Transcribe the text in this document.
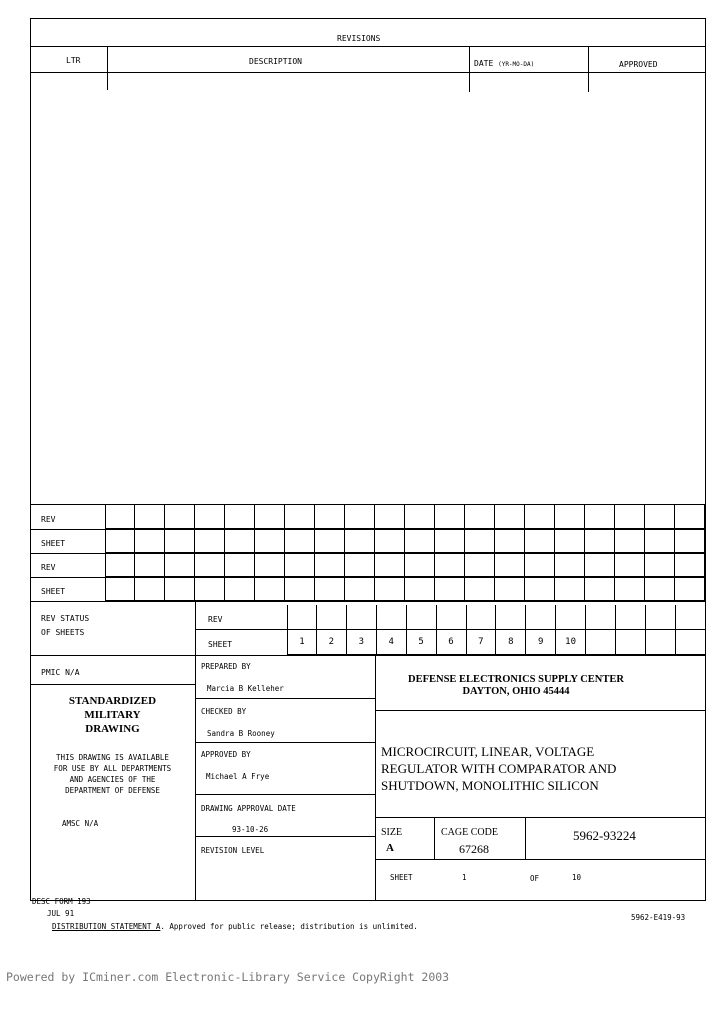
REVISIONS
LTR	DESCRIPTION	DATE (YR-MO-DA)	APPROVED
REV
SHEET
REV
SHEET
REV STATUS
OF SHEETS
REV
SHEET	1	2	3	4	5	6	7	8	9	10
PMIC N/A
STANDARDIZED
MILITARY
DRAWING
THIS DRAWING IS AVAILABLE
FOR USE BY ALL DEPARTMENTS
AND AGENCIES OF THE
DEPARTMENT OF DEFENSE
AMSC N/A
PREPARED BY
Marcia B Kelleher
CHECKED BY
Sandra B Rooney
APPROVED BY
Michael A Frye
DRAWING APPROVAL DATE
93-10-26
REVISION LEVEL
DEFENSE ELECTRONICS SUPPLY CENTER
DAYTON, OHIO 45444
MICROCIRCUIT, LINEAR, VOLTAGE
REGULATOR WITH COMPARATOR AND
SHUTDOWN, MONOLITHIC SILICON
SIZE
A
CAGE CODE
67268
5962-93224
SHEET	1	OF	10
DESC FORM 193
JUL 91
DISTRIBUTION STATEMENT A. Approved for public release; distribution is unlimited.
5962-E419-93
Powered by ICminer.com Electronic-Library Service CopyRight 2003
